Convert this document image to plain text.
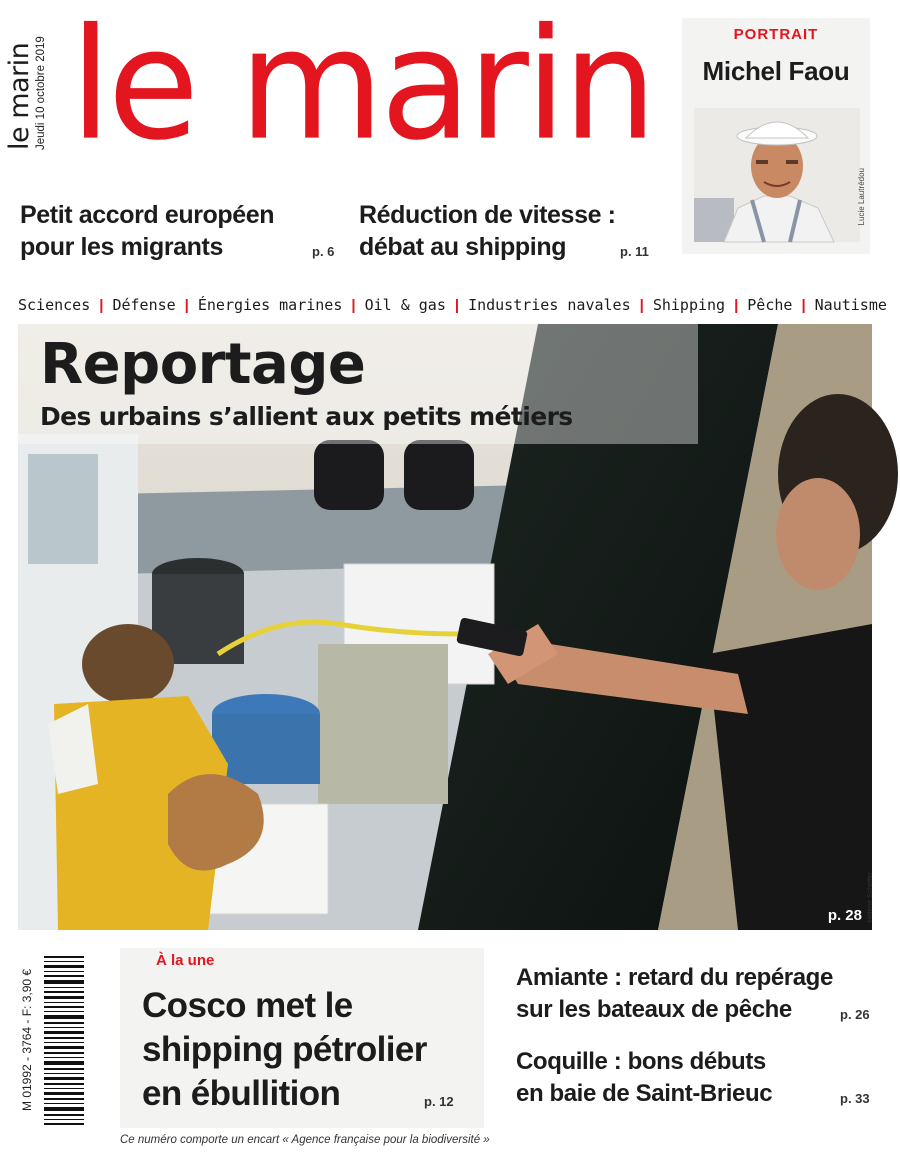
le marin Jeudi 10 octobre 2019 le marin	PORTRAIT
Michel Faou
Lucie Lautrédou
Petit accord européen
pour les migrants	p. 6
Réduction de vitesse :
débat au shipping	p. 11
Sciences | Défense | Énergies marines | Oil & gas | Industries navales | Shipping | Pêche | Nautisme
Reportage
Des urbains s’allient aux petits métiers
p. 28 Hélène Scheffer
M 01992 - 3764 - F: 3,90 €
À la une
Cosco met le
shipping pétrolier
en ébullition	p. 12
Amiante : retard du repérage
sur les bateaux de pêche	p. 26
Coquille : bons débuts
en baie de Saint-Brieuc	p. 33
Ce numéro comporte un encart « Agence française pour la biodiversité »
